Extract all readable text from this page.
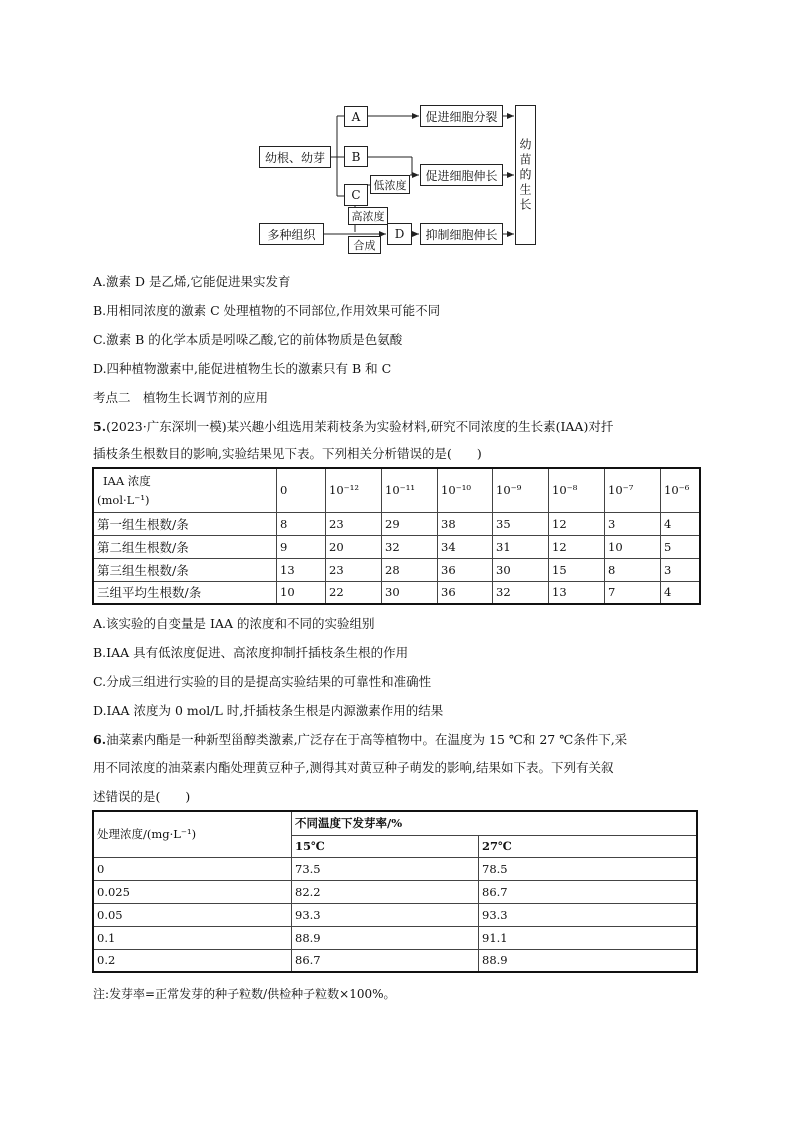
幼根、幼芽
多种组织
A
B
C
D
低浓度
高浓度
合成
促进细胞分裂
促进细胞伸长
抑制细胞伸长
幼苗的生长
A.激素 D 是乙烯,它能促进果实发育
B.用相同浓度的激素 C 处理植物的不同部位,作用效果可能不同
C.激素 B 的化学本质是吲哚乙酸,它的前体物质是色氨酸
D.四种植物激素中,能促进植物生长的激素只有 B 和 C
考点二　植物生长调节剂的应用
5.(2023·广东深圳一模)某兴趣小组选用茉莉枝条为实验材料,研究不同浓度的生长素(IAA)对扦
插枝条生根数目的影响,实验结果见下表。下列相关分析错误的是(　　)
IAA 浓度
(mol·L⁻¹)	0	10⁻¹²	10⁻¹¹	10⁻¹⁰	10⁻⁹	10⁻⁸	10⁻⁷	10⁻⁶
第一组生根数/条	8	23	29	38	35	12	3	4
第二组生根数/条	9	20	32	34	31	12	10	5
第三组生根数/条	13	23	28	36	30	15	8	3
三组平均生根数/条	10	22	30	36	32	13	7	4
A.该实验的自变量是 IAA 的浓度和不同的实验组别
B.IAA 具有低浓度促进、高浓度抑制扦插枝条生根的作用
C.分成三组进行实验的目的是提高实验结果的可靠性和准确性
D.IAA 浓度为 0 mol/L 时,扦插枝条生根是内源激素作用的结果
6.油菜素内酯是一种新型甾醇类激素,广泛存在于高等植物中。在温度为 15 ℃和 27 ℃条件下,采
用不同浓度的油菜素内酯处理黄豆种子,测得其对黄豆种子萌发的影响,结果如下表。下列有关叙
述错误的是(　　)
处理浓度/(mg·L⁻¹)	不同温度下发芽率/%	
	15℃	27℃
0	73.5	78.5
0.025	82.2	86.7
0.05	93.3	93.3
0.1	88.9	91.1
0.2	86.7	88.9
注:发芽率=正常发芽的种子粒数/供检种子粒数×100%。
